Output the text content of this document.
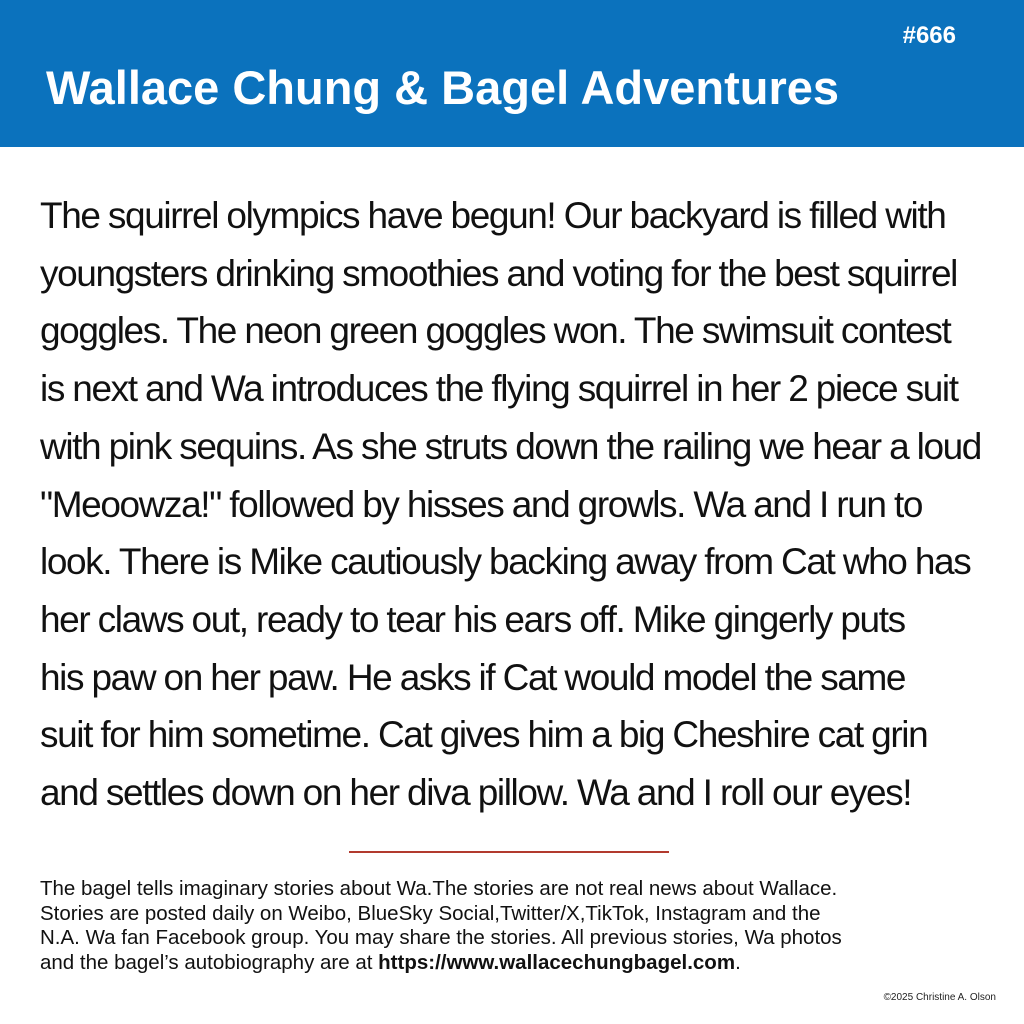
#666
Wallace Chung & Bagel Adventures

The squirrel olympics have begun! Our backyard is filled with
youngsters drinking smoothies and voting for the best squirrel
goggles. The neon green goggles won. The swimsuit contest
is next and Wa introduces the flying squirrel in her 2 piece suit
with pink sequins. As she struts down the railing we hear a loud
"Meoowza!" followed by hisses and growls. Wa and I run to
look. There is Mike cautiously backing away from Cat who has
her claws out, ready to tear his ears off. Mike gingerly puts
his paw on her paw. He asks if Cat would model the same
suit for him sometime. Cat gives him a big Cheshire cat grin
and settles down on her diva pillow. Wa and I roll our eyes!

The bagel tells imaginary stories about Wa.The stories are not real news about Wallace.
Stories are posted daily on Weibo, BlueSky Social,Twitter/X,TikTok, Instagram and the
N.A. Wa fan Facebook group. You may share the stories. All previous stories, Wa photos
and the bagel’s autobiography are at https://www.wallacechungbagel.com.

©2025 Christine A. Olson
